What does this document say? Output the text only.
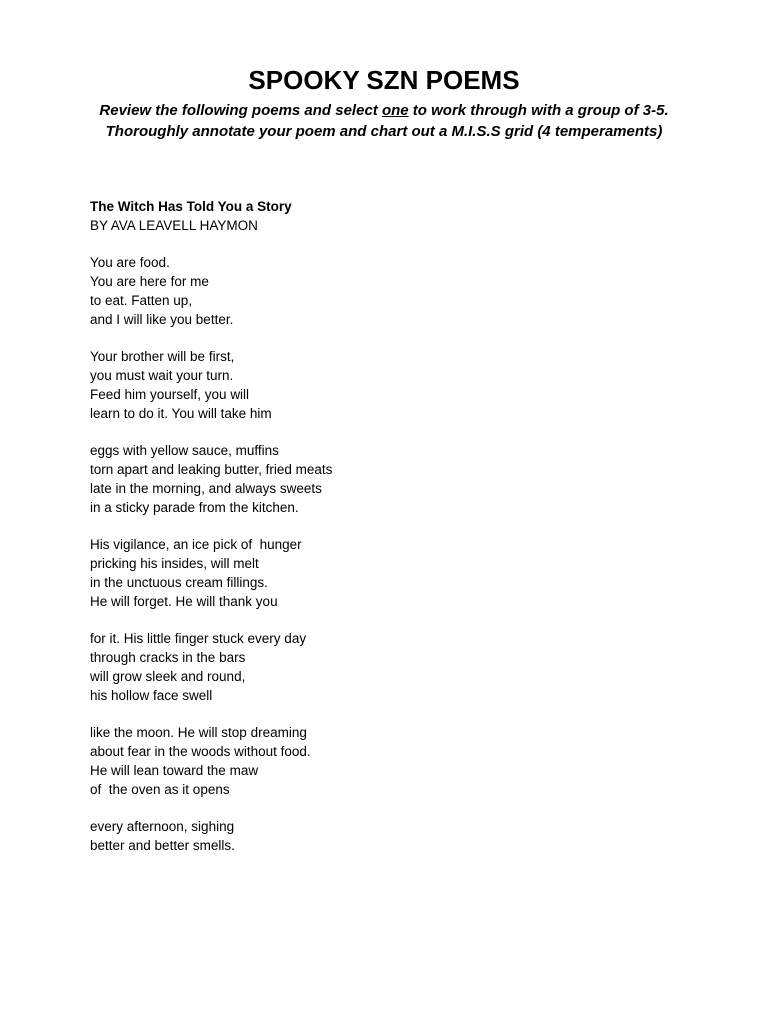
SPOOKY SZN POEMS

Review the following poems and select one to work through with a group of 3-5.
Thoroughly annotate your poem and chart out a M.I.S.S grid (4 temperaments)

The Witch Has Told You a Story

BY AVA LEAVELL HAYMON

You are food.
You are here for me
to eat. Fatten up,
and I will like you better.
Your brother will be first,
you must wait your turn.
Feed him yourself, you will
learn to do it. You will take him
eggs with yellow sauce, muffins
torn apart and leaking butter, fried meats
late in the morning, and always sweets
in a sticky parade from the kitchen.
His vigilance, an ice pick of  hunger
pricking his insides, will melt
in the unctuous cream fillings.
He will forget. He will thank you
for it. His little finger stuck every day
through cracks in the bars
will grow sleek and round,
his hollow face swell
like the moon. He will stop dreaming
about fear in the woods without food.
He will lean toward the maw
of  the oven as it opens
every afternoon, sighing
better and better smells.
